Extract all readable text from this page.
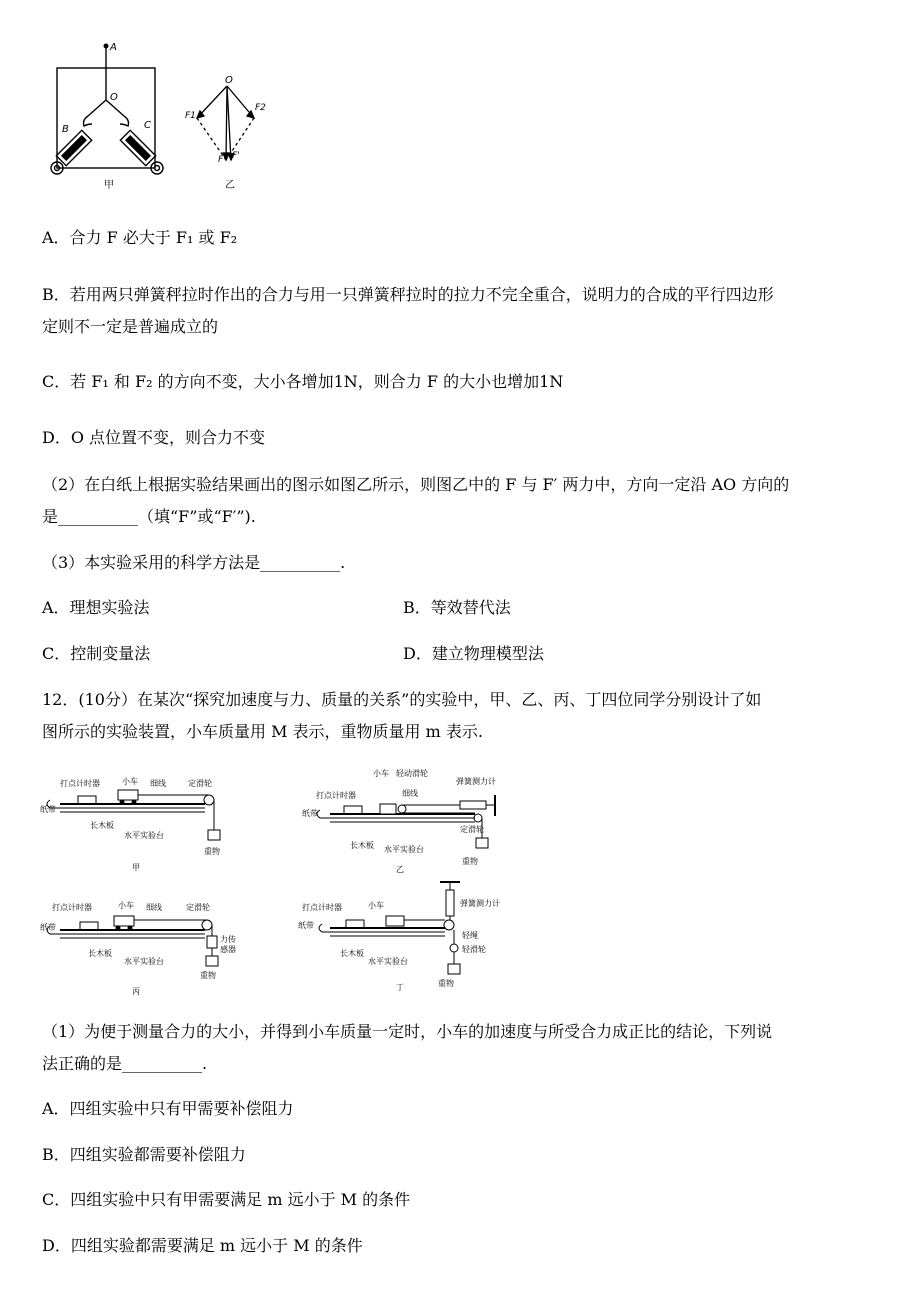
A
O
B	C
甲
O
F1
F2
F F'
乙
A．合力 F 必大于 F₁ 或 F₂
B．若用两只弹簧秤拉时作出的合力与用一只弹簧秤拉时的拉力不完全重合，说明力的合成的平行四边形
定则不一定是普遍成立的
C．若 F₁ 和 F₂ 的方向不变，大小各增加1N，则合力 F 的大小也增加1N
D．O 点位置不变，则合力不变
（2）在白纸上根据实验结果画出的图示如图乙所示，则图乙中的 F 与 F′ 两力中，方向一定沿 AO 方向的
是__________（填“F”或“F′”).
（3）本实验采用的科学方法是__________.
A．理想实验法	B．等效替代法
C．控制变量法	D．建立物理模型法
12．(10分）在某次“探究加速度与力、质量的关系”的实验中，甲、乙、丙、丁四位同学分别设计了如
图所示的实验装置，小车质量用 M 表示，重物质量用 m 表示.
打点计时器	小车 细线	定滑轮
纸带
长木板
水平实验台
重物
甲
小车 轻动滑轮
弹簧测力计
打点计时器	细线
纸带
定滑轮
长木板 水平实验台
重物
乙
打点计时器	小车 细线	定滑轮
纸带
力传
感器
长木板
水平实验台
重物
丙
打点计时器	小车	弹簧测力计
纸带
轻绳
轻滑轮
长木板
水平实验台
重物
丁
（1）为便于测量合力的大小，并得到小车质量一定时，小车的加速度与所受合力成正比的结论，下列说
法正确的是__________.
A．四组实验中只有甲需要补偿阻力
B．四组实验都需要补偿阻力
C．四组实验中只有甲需要满足 m 远小于 M 的条件
D．四组实验都需要满足 m 远小于 M 的条件
